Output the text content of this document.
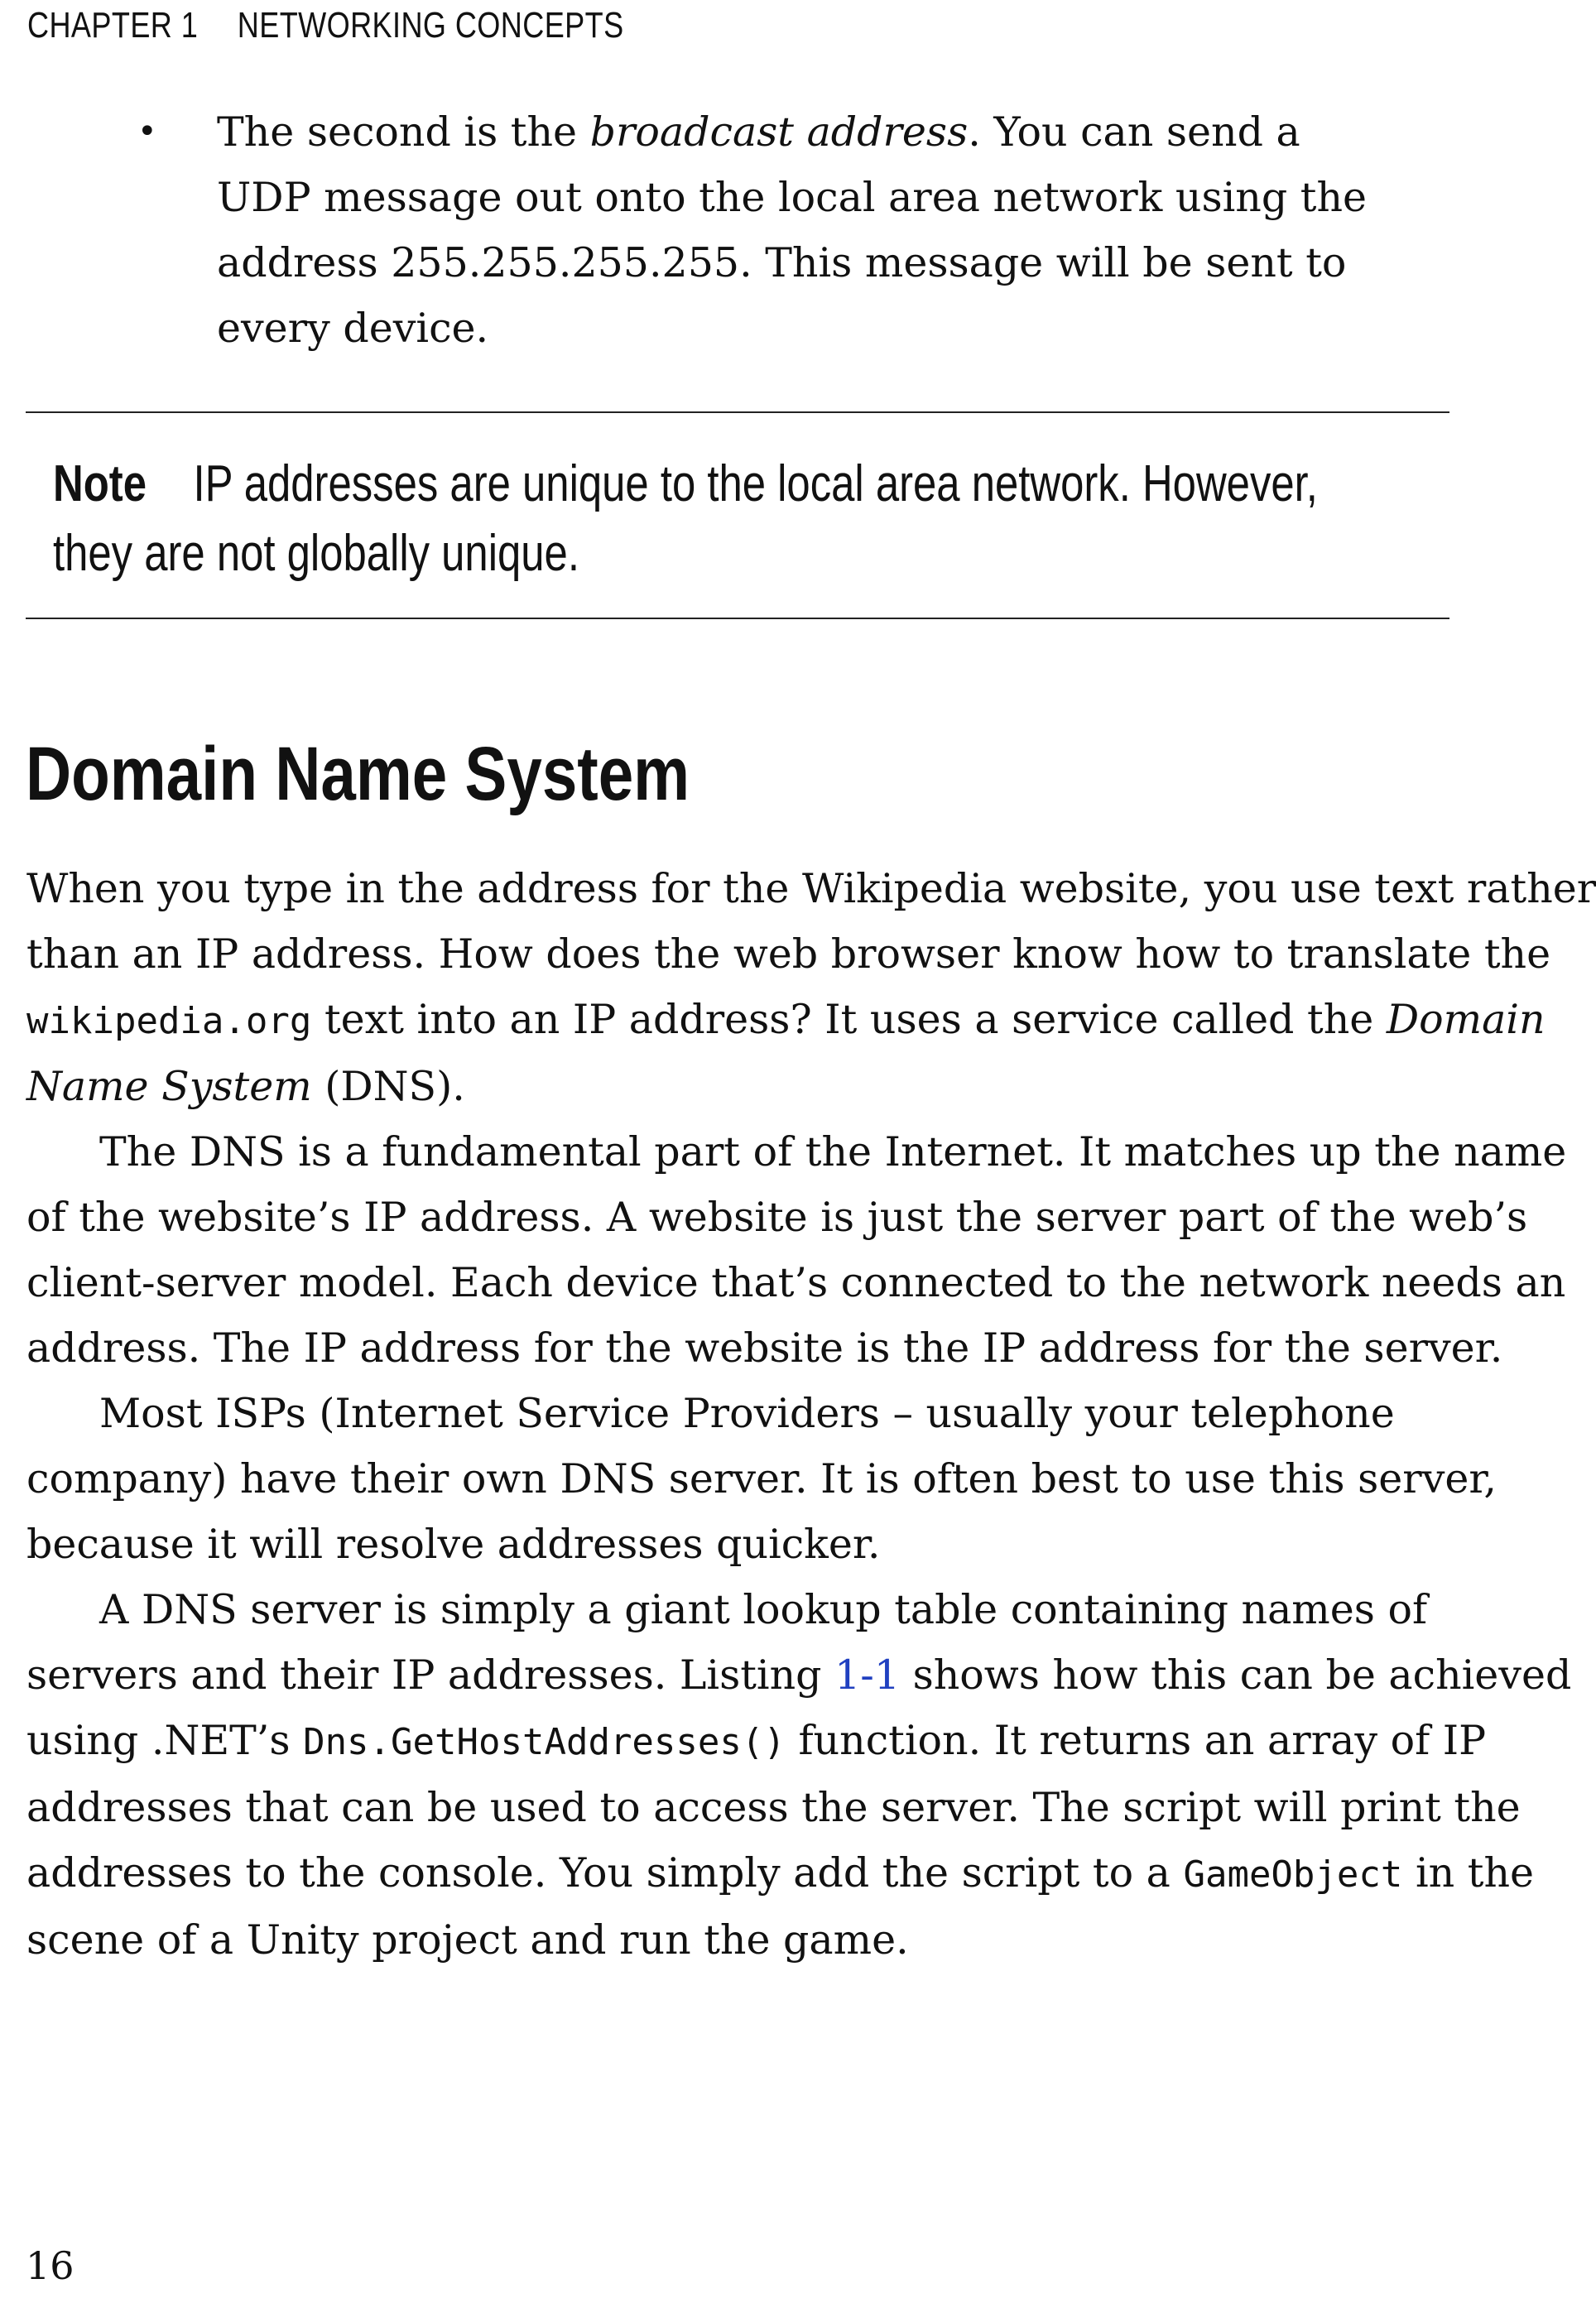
CHAPTER 1 NETWORKING CONCEPTS
• The second is the broadcast address. You can send a
UDP message out onto the local area network using the
address 255.255.255.255. This message will be sent to
every device.
Note IP addresses are unique to the local area network. However,
they are not globally unique.
Domain Name System
When you type in the address for the Wikipedia website, you use text rather
than an IP address. How does the web browser know how to translate the
wikipedia.org text into an IP address? It uses a service called the Domain
Name System (DNS).
The DNS is a fundamental part of the Internet. It matches up the name
of the website’s IP address. A website is just the server part of the web’s
client-server model. Each device that’s connected to the network needs an
address. The IP address for the website is the IP address for the server.
Most ISPs (Internet Service Providers – usually your telephone
company) have their own DNS server. It is often best to use this server,
because it will resolve addresses quicker.
A DNS server is simply a giant lookup table containing names of
servers and their IP addresses. Listing 1-1 shows how this can be achieved
using .NET’s Dns.GetHostAddresses() function. It returns an array of IP
addresses that can be used to access the server. The script will print the
addresses to the console. You simply add the script to a GameObject in the
scene of a Unity project and run the game.
16
